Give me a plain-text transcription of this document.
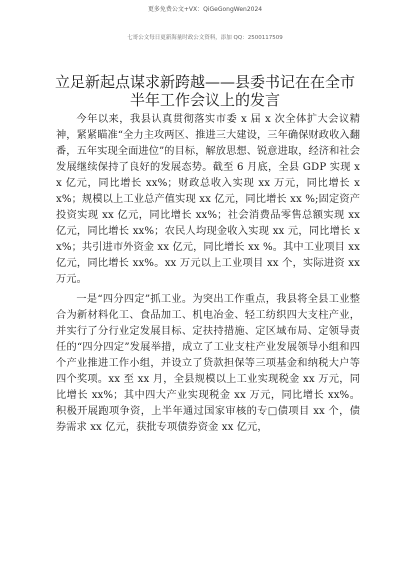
更多免费公文+VX：QiGeGongWen2024
七哥公文每日更新海量时政公文资料，添加 QQ：2500117509
立足新起点谋求新跨越——县委书记在在全市
半年工作会议上的发言

今年以来，我县认真贯彻落实市委 x 届 x 次全体扩大会议精神，紧紧瞄准“全力主攻两区、推进三大建设，三年确保财政收入翻番，五年实现全面进位”的目标，解放思想、锐意进取，经济和社会发展继续保持了良好的发展态势。截至 6 月底，全县 GDP 实现 xx 亿元，同比增长 xx%；财政总收入实现 xx 万元，同比增长 xx%；规模以上工业总产值实现 xx 亿元，同比增长 xx %;固定资产投资实现 xx 亿元，同比增长 xx%；社会消费品零售总额实现 xx 亿元，同比增长 xx%；农民人均现金收入实现 xx 元，同比增长 xx%；共引进市外资金 xx 亿元，同比增长 xx %。其中工业项目 xx 亿元，同比增长 xx%。xx 万元以上工业项目 xx 个，实际进资 xx 万元。

一是“四分四定”抓工业。为突出工作重点，我县将全县工业整合为新材料化工、食品加工、机电冶金、轻工纺织四大支柱产业，并实行了分行业定发展目标、定扶持措施、定区域布局、定领导责任的“四分四定”发展举措，成立了工业支柱产业发展领导小组和四个产业推进工作小组，并设立了贷款担保等三项基金和纳税大户等四个奖项。xx 至 xx 月，全县规模以上工业实现税金 xx 万元，同比增长 xx%；其中四大产业实现税金 xx 万元，同比增长 xx%。积极开展跑项争资，上半年通过国家审核的专□债项目 xx 个，债券需求 xx 亿元，获批专项债券资金 xx 亿元，
